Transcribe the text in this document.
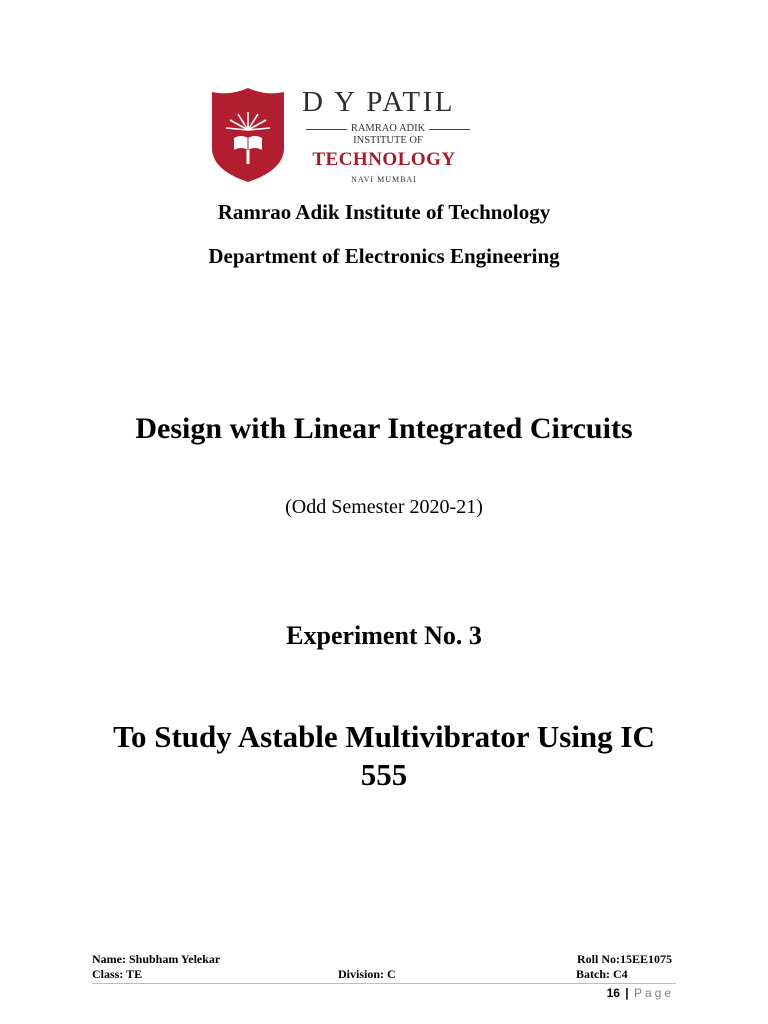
D Y PATIL
RAMRAO ADIK
INSTITUTE OF
TECHNOLOGY
NAVI MUMBAI
Ramrao Adik Institute of Technology
Department of Electronics Engineering
Design with Linear Integrated Circuits
(Odd Semester 2020-21)
Experiment No. 3
To Study Astable Multivibrator Using IC 555
Name: Shubham Yelekar	Roll No:15EE1075
Class: TE	Division: C	Batch: C4
16 | Page
